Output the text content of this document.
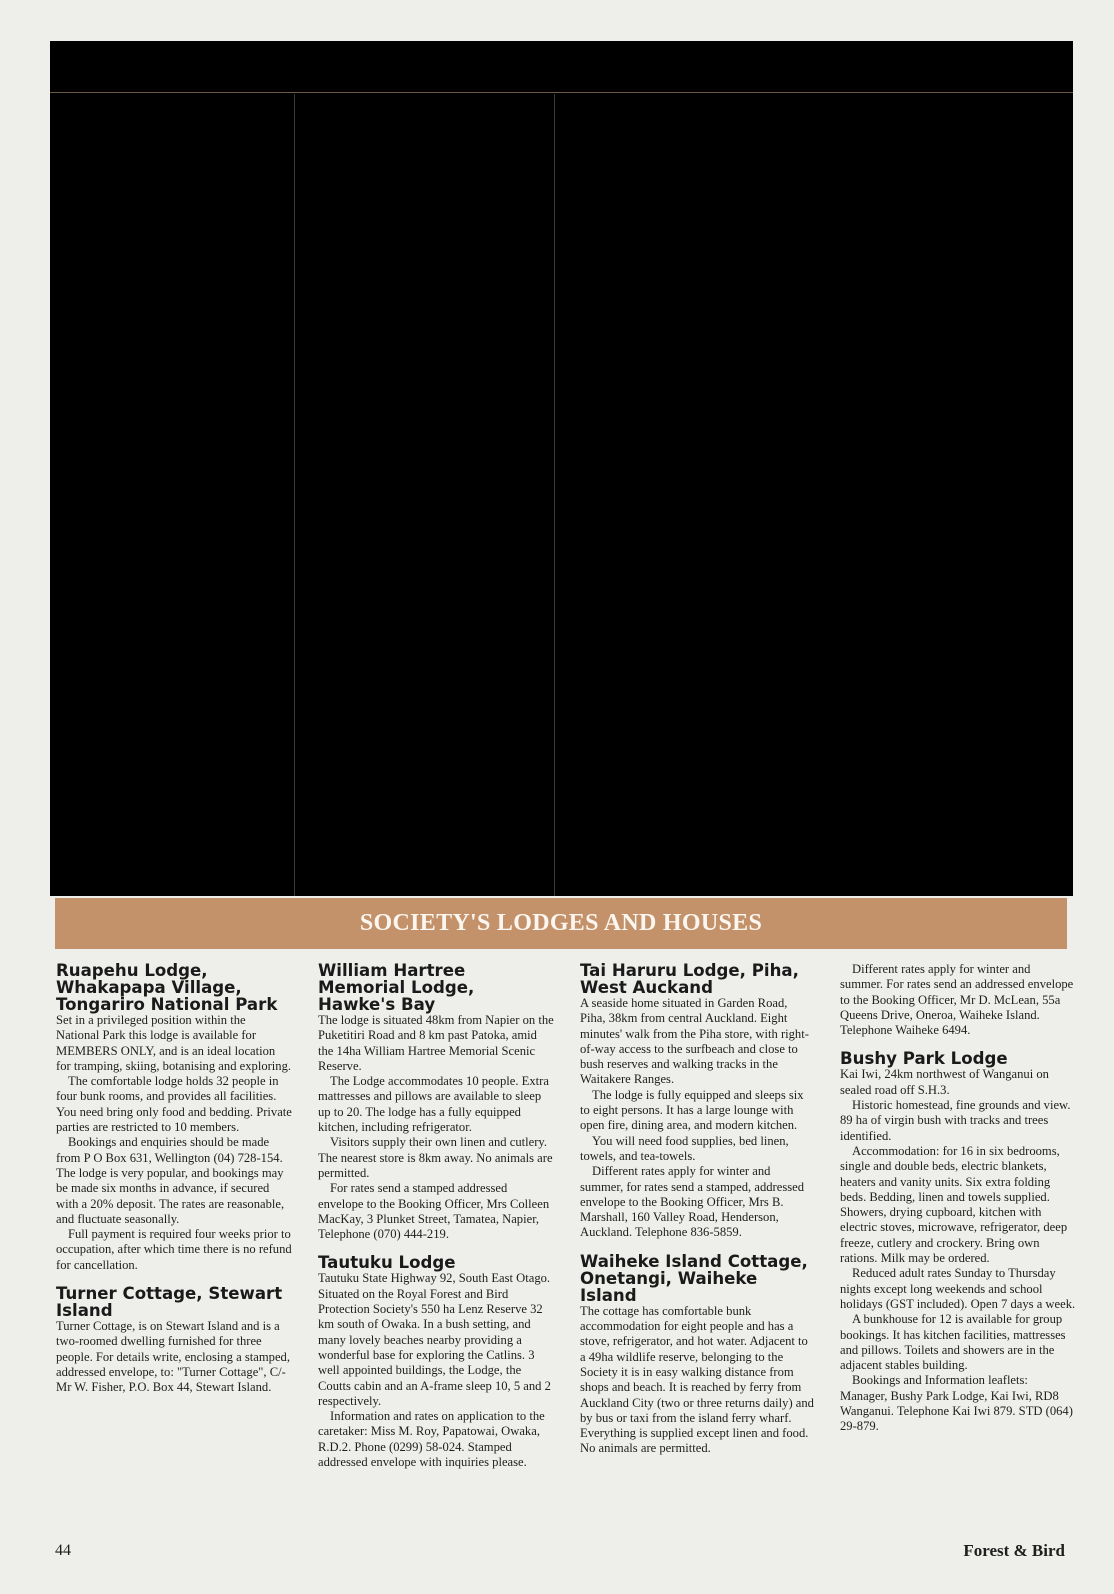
SOCIETY'S LODGES AND HOUSES
Ruapehu Lodge, Whakapapa Village, Tongariro National Park

Set in a privileged position within the National Park this lodge is available for MEMBERS ONLY, and is an ideal location for tramping, skiing, botanising and exploring.

The comfortable lodge holds 32 people in four bunk rooms, and provides all facilities. You need bring only food and bedding. Private parties are restricted to 10 members.

Bookings and enquiries should be made from P O Box 631, Wellington (04) 728-154. The lodge is very popular, and bookings may be made six months in advance, if secured with a 20% deposit. The rates are reasonable, and fluctuate seasonally.

Full payment is required four weeks prior to occupation, after which time there is no refund for cancellation.

Turner Cottage, Stewart Island

Turner Cottage, is on Stewart Island and is a two-roomed dwelling furnished for three people. For details write, enclosing a stamped, addressed envelope, to: "Turner Cottage", C/-Mr W. Fisher, P.O. Box 44, Stewart Island.

William Hartree Memorial Lodge, Hawke's Bay

The lodge is situated 48km from Napier on the Puketitiri Road and 8 km past Patoka, amid the 14ha William Hartree Memorial Scenic Reserve.

The Lodge accommodates 10 people. Extra mattresses and pillows are available to sleep up to 20. The lodge has a fully equipped kitchen, including refrigerator.

Visitors supply their own linen and cutlery. The nearest store is 8km away. No animals are permitted.

For rates send a stamped addressed envelope to the Booking Officer, Mrs Colleen MacKay, 3 Plunket Street, Tamatea, Napier, Telephone (070) 444-219.

Tautuku Lodge

Tautuku State Highway 92, South East Otago. Situated on the Royal Forest and Bird Protection Society's 550 ha Lenz Reserve 32 km south of Owaka. In a bush setting, and many lovely beaches nearby providing a wonderful base for exploring the Catlins. 3 well appointed buildings, the Lodge, the Coutts cabin and an A-frame sleep 10, 5 and 2 respectively.

Information and rates on application to the caretaker: Miss M. Roy, Papatowai, Owaka, R.D.2. Phone (0299) 58-024. Stamped addressed envelope with inquiries please.

Tai Haruru Lodge, Piha, West Auckand

A seaside home situated in Garden Road, Piha, 38km from central Auckland. Eight minutes' walk from the Piha store, with right-of-way access to the surfbeach and close to bush reserves and walking tracks in the Waitakere Ranges.

The lodge is fully equipped and sleeps six to eight persons. It has a large lounge with open fire, dining area, and modern kitchen.

You will need food supplies, bed linen, towels, and tea-towels.

Different rates apply for winter and summer, for rates send a stamped, addressed envelope to the Booking Officer, Mrs B. Marshall, 160 Valley Road, Henderson, Auckland. Telephone 836-5859.

Waiheke Island Cottage, Onetangi, Waiheke Island

The cottage has comfortable bunk accommodation for eight people and has a stove, refrigerator, and hot water. Adjacent to a 49ha wildlife reserve, belonging to the Society it is in easy walking distance from shops and beach. It is reached by ferry from Auckland City (two or three returns daily) and by bus or taxi from the island ferry wharf. Everything is supplied except linen and food. No animals are permitted.

Different rates apply for winter and summer. For rates send an addressed envelope to the Booking Officer, Mr D. McLean, 55a Queens Drive, Oneroa, Waiheke Island. Telephone Waiheke 6494.

Bushy Park Lodge

Kai Iwi, 24km northwest of Wanganui on sealed road off S.H.3.

Historic homestead, fine grounds and view. 89 ha of virgin bush with tracks and trees identified.

Accommodation: for 16 in six bedrooms, single and double beds, electric blankets, heaters and vanity units. Six extra folding beds. Bedding, linen and towels supplied. Showers, drying cupboard, kitchen with electric stoves, microwave, refrigerator, deep freeze, cutlery and crockery. Bring own rations. Milk may be ordered.

Reduced adult rates Sunday to Thursday nights except long weekends and school holidays (GST included). Open 7 days a week.

A bunkhouse for 12 is available for group bookings. It has kitchen facilities, mattresses and pillows. Toilets and showers are in the adjacent stables building.

Bookings and Information leaflets: Manager, Bushy Park Lodge, Kai Iwi, RD8 Wanganui. Telephone Kai Iwi 879. STD (064) 29-879.

44	Forest & Bird
